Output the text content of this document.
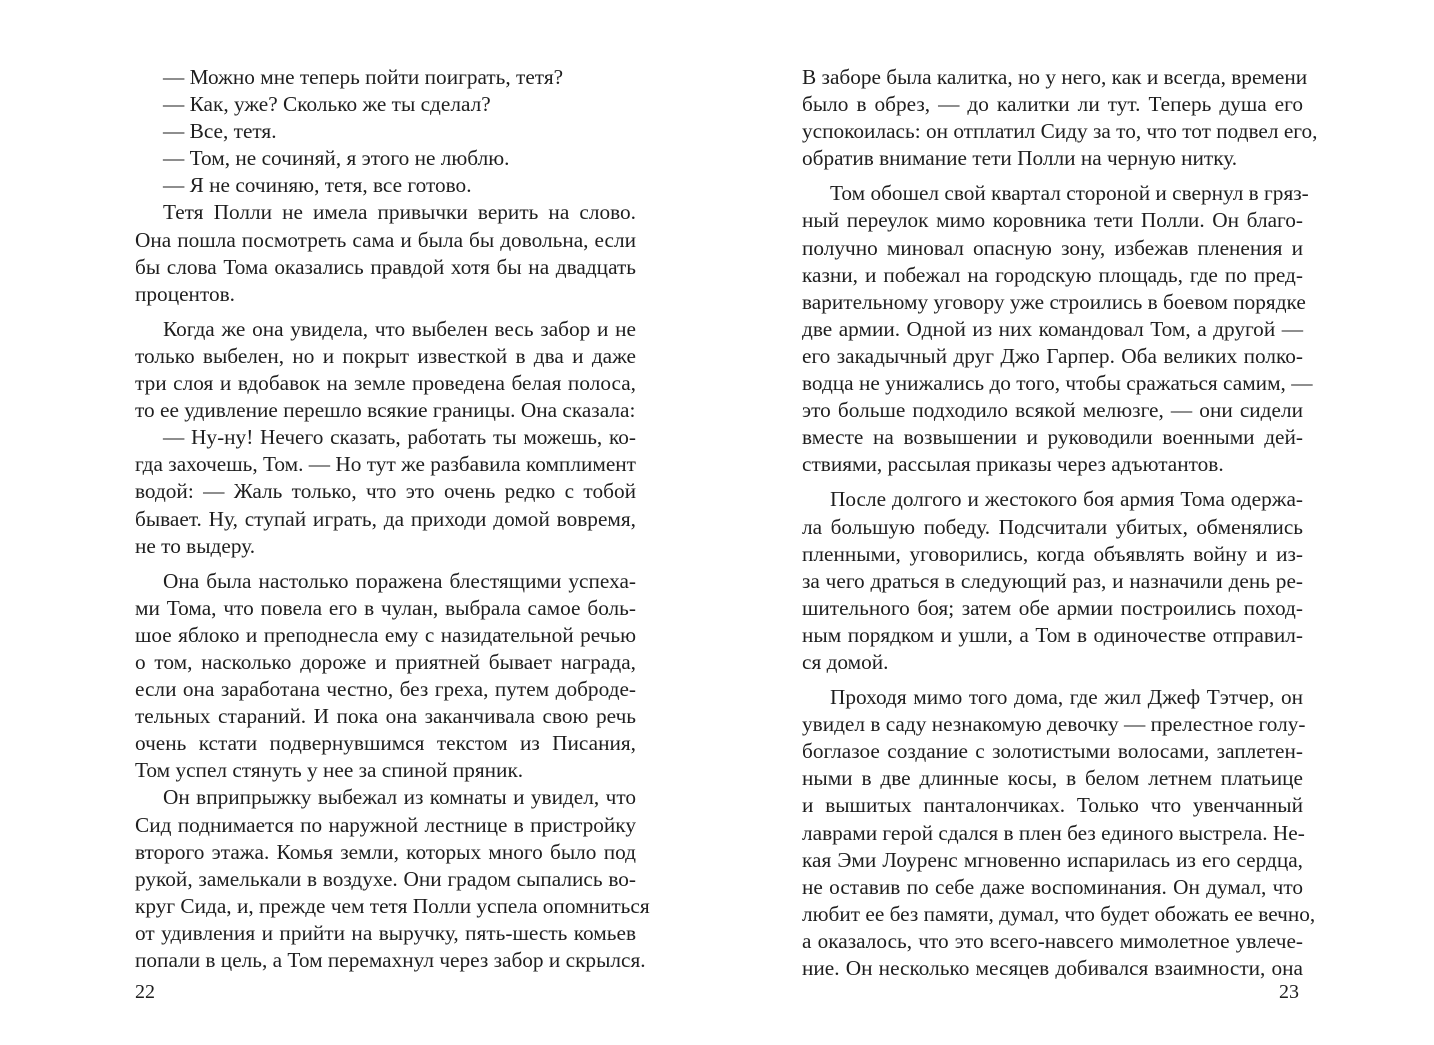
— Можно мне теперь пойти поиграть, тетя?
— Как, уже? Сколько же ты сделал?
— Все, тетя.
— Том, не сочиняй, я этого не люблю.
— Я не сочиняю, тетя, все готово.
Тетя Полли не имела привычки верить на слово.
Она пошла посмотреть сама и была бы довольна, если
бы слова Тома оказались правдой хотя бы на двадцать
процентов.
Когда же она увидела, что выбелен весь забор и не
только выбелен, но и покрыт известкой в два и даже
три слоя и вдобавок на земле проведена белая полоса,
то ее удивление перешло всякие границы. Она сказала:
— Ну-ну! Нечего сказать, работать ты можешь, ко-
гда захочешь, Том. — Но тут же разбавила комплимент
водой: — Жаль только, что это очень редко с тобой
бывает. Ну, ступай играть, да приходи домой вовремя,
не то выдеру.
Она была настолько поражена блестящими успеха-
ми Тома, что повела его в чулан, выбрала самое боль-
шое яблоко и преподнесла ему с назидательной речью
о том, насколько дороже и приятней бывает награда,
если она заработана честно, без греха, путем доброде-
тельных стараний. И пока она заканчивала свою речь
очень кстати подвернувшимся текстом из Писания,
Том успел стянуть у нее за спиной пряник.
Он вприпрыжку выбежал из комнаты и увидел, что
Сид поднимается по наружной лестнице в пристройку
второго этажа. Комья земли, которых много было под
рукой, замелькали в воздухе. Они градом сыпались во-
круг Сида, и, прежде чем тетя Полли успела опомниться
от удивления и прийти на выручку, пять-шесть комьев
попали в цель, а Том перемахнул через забор и скрылся.
22
В заборе была калитка, но у него, как и всегда, времени
было в обрез, — до калитки ли тут. Теперь душа его
успокоилась: он отплатил Сиду за то, что тот подвел его,
обратив внимание тети Полли на черную нитку.
Том обошел свой квартал стороной и свернул в гряз-
ный переулок мимо коровника тети Полли. Он благо-
получно миновал опасную зону, избежав пленения и
казни, и побежал на городскую площадь, где по пред-
варительному уговору уже строились в боевом порядке
две армии. Одной из них командовал Том, а другой —
его закадычный друг Джо Гарпер. Оба великих полко-
водца не унижались до того, чтобы сражаться самим, —
это больше подходило всякой мелюзге, — они сидели
вместе на возвышении и руководили военными дей-
ствиями, рассылая приказы через адъютантов.
После долгого и жестокого боя армия Тома одержа-
ла большую победу. Подсчитали убитых, обменялись
пленными, уговорились, когда объявлять войну и из-
за чего драться в следующий раз, и назначили день ре-
шительного боя; затем обе армии построились поход-
ным порядком и ушли, а Том в одиночестве отправил-
ся домой.
Проходя мимо того дома, где жил Джеф Тэтчер, он
увидел в саду незнакомую девочку — прелестное голу-
боглазое создание с золотистыми волосами, заплетен-
ными в две длинные косы, в белом летнем платьице
и вышитых панталончиках. Только что увенчанный
лаврами герой сдался в плен без единого выстрела. Не-
кая Эми Лоуренс мгновенно испарилась из его сердца,
не оставив по себе даже воспоминания. Он думал, что
любит ее без памяти, думал, что будет обожать ее вечно,
а оказалось, что это всего-навсего мимолетное увлече-
ние. Он несколько месяцев добивался взаимности, она
23
